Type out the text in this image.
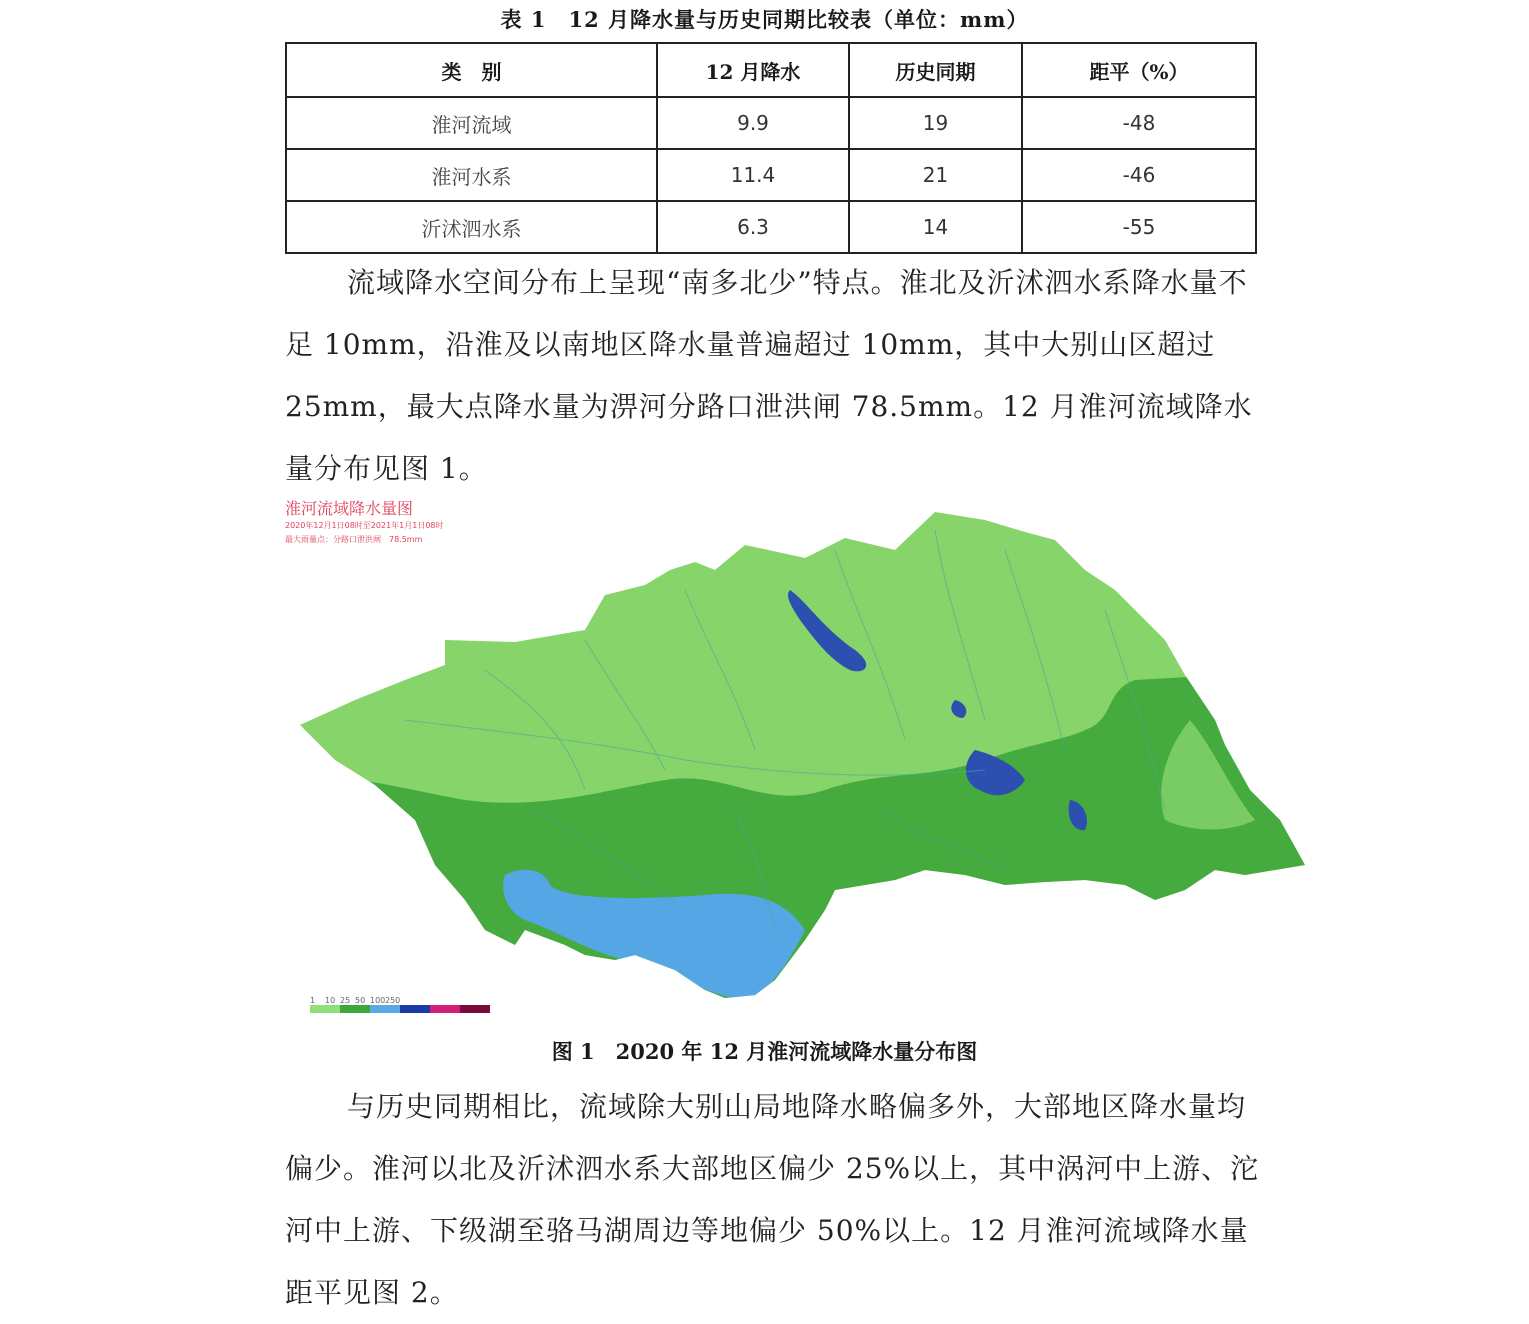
表 1　12 月降水量与历史同期比较表（单位：mm）
类　别	12 月降水	历史同期	距平（%）
淮河流域	9.9	19	-48
淮河水系	11.4	21	-46
沂沭泗水系	6.3	14	-55

流域降水空间分布上呈现“南多北少”特点。淮北及沂沭泗水系降水量不足 10mm，沿淮及以南地区降水量普遍超过 10mm，其中大别山区超过 25mm，最大点降水量为淠河分路口泄洪闸 78.5mm。12 月淮河流域降水量分布见图 1。

淮河流域降水量图
2020年12月1日08时至2021年1月1日08时
最大雨量点：分路口泄洪闸　78.5mm
1	10 25 50 100 250
图 1　2020 年 12 月淮河流域降水量分布图

与历史同期相比，流域除大别山局地降水略偏多外，大部地区降水量均偏少。淮河以北及沂沭泗水系大部地区偏少 25%以上，其中涡河中上游、沱河中上游、下级湖至骆马湖周边等地偏少 50%以上。12 月淮河流域降水量距平见图 2。
